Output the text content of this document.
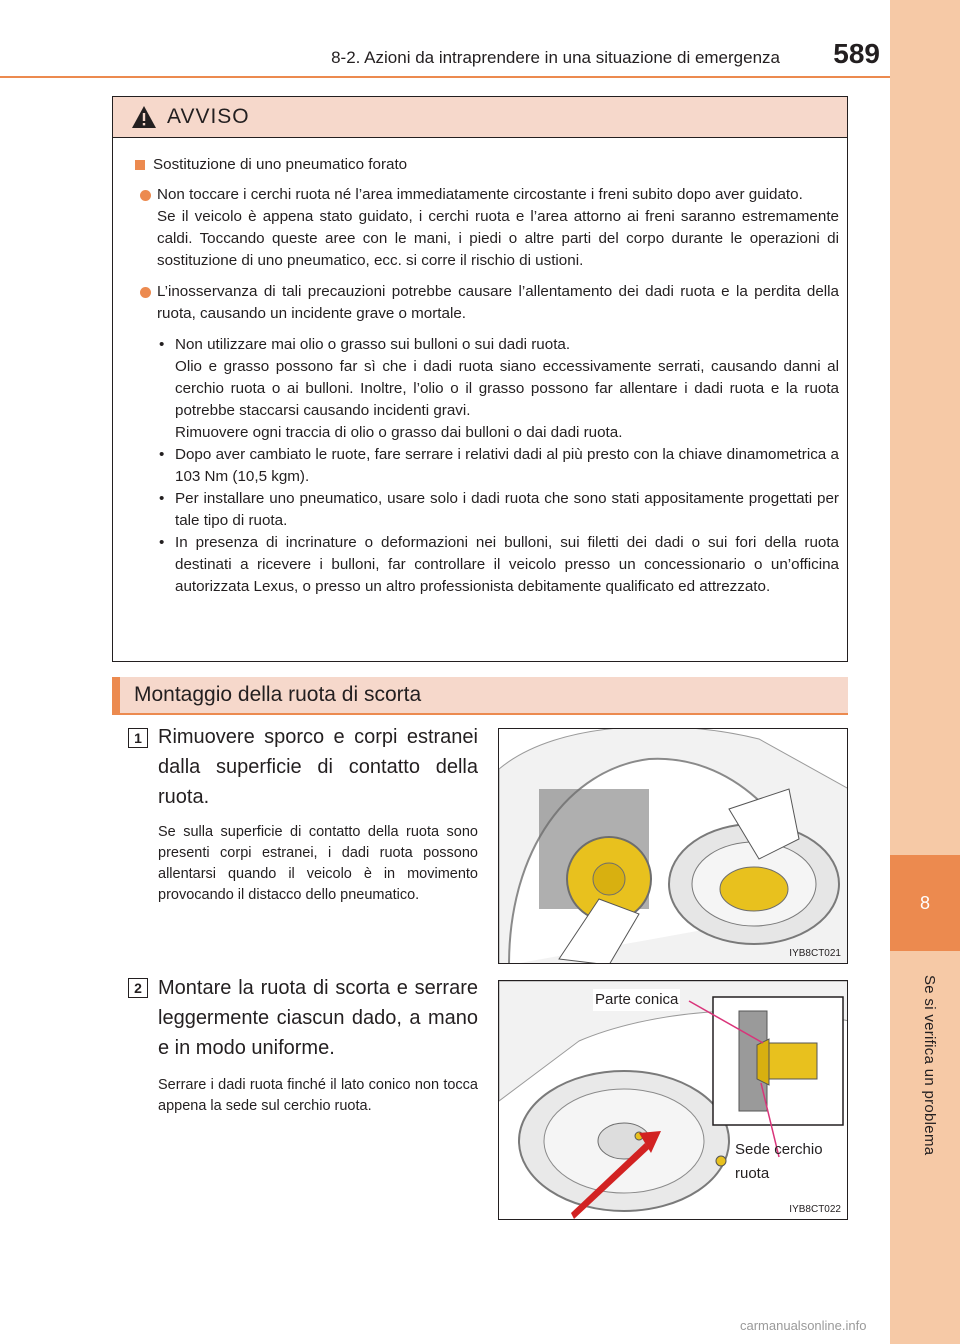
8
Se si verifica un problema
8-2. Azioni da intraprendere in una situazione di emergenza	589
AVVISO
Sostituzione di uno pneumatico forato
Non toccare i cerchi ruota né l’area immediatamente circostante i freni subito dopo aver guidato.
Se il veicolo è appena stato guidato, i cerchi ruota e l’area attorno ai freni saranno estremamente caldi. Toccando queste aree con le mani, i piedi o altre parti del corpo durante le operazioni di sostituzione di uno pneumatico, ecc. si corre il rischio di ustioni.
L’inosservanza di tali precauzioni potrebbe causare l’allentamento dei dadi ruota e la perdita della ruota, causando un incidente grave o mortale.
• Non utilizzare mai olio o grasso sui bulloni o sui dadi ruota.
Olio e grasso possono far sì che i dadi ruota siano eccessivamente serrati, causando danni al cerchio ruota o ai bulloni. Inoltre, l’olio o il grasso possono far allentare i dadi ruota e la ruota potrebbe staccarsi causando incidenti gravi.
Rimuovere ogni traccia di olio o grasso dai bulloni o dai dadi ruota.
• Dopo aver cambiato le ruote, fare serrare i relativi dadi al più presto con la chiave dinamometrica a 103 Nm (10,5 kgm).
• Per installare uno pneumatico, usare solo i dadi ruota che sono stati appositamente progettati per tale tipo di ruota.
• In presenza di incrinature o deformazioni nei bulloni, sui filetti dei dadi o sui fori della ruota destinati a ricevere i bulloni, far controllare il veicolo presso un concessionario o un’officina autorizzata Lexus, o presso un altro professionista debitamente qualificato ed attrezzato.
Montaggio della ruota di scorta
1 Rimuovere sporco e corpi estranei dalla superficie di contatto della ruota.
Se sulla superficie di contatto della ruota sono presenti corpi estranei, i dadi ruota possono allentarsi quando il veicolo è in movimento provocando il distacco dello pneumatico.
IYB8CT021
2 Montare la ruota di scorta e serrare leggermente ciascun dado, a mano e in modo uniforme.
Serrare i dadi ruota finché il lato conico non tocca appena la sede sul cerchio ruota.
Parte conica
Sede cerchio
ruota
IYB8CT022
carmanualsonline.info
